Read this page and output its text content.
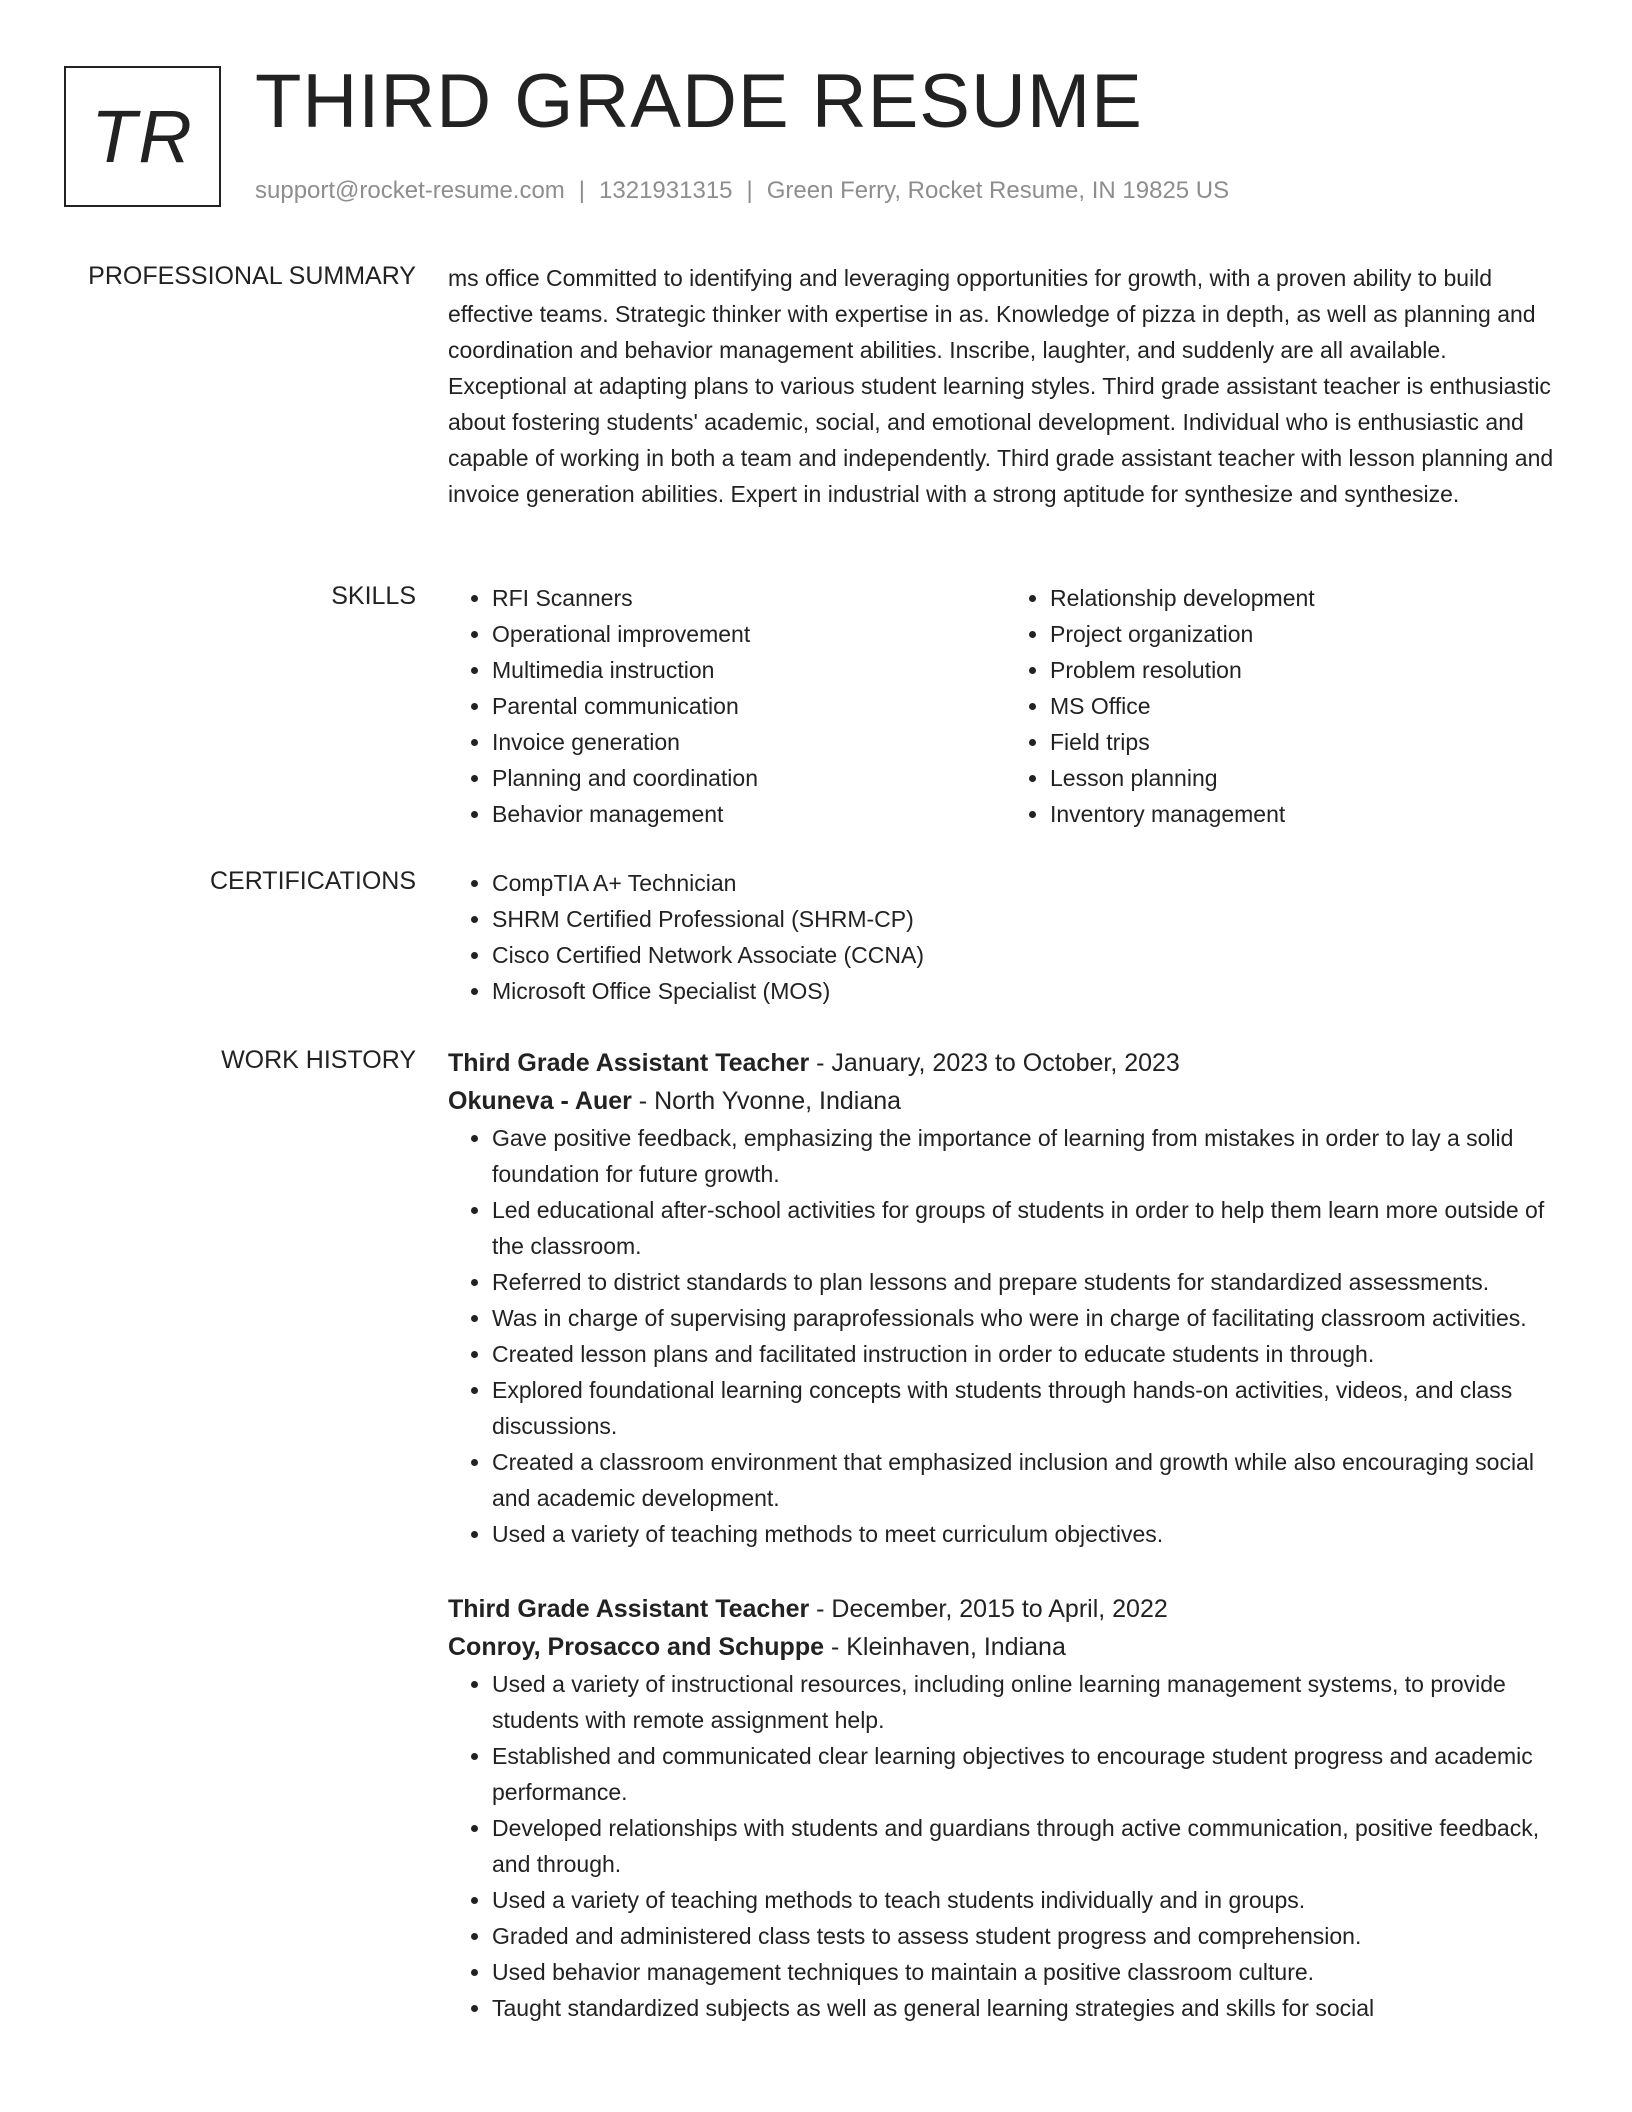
TR THIRD GRADE RESUME
support@rocket-resume.com | 1321931315 | Green Ferry, Rocket Resume, IN 19825 US
PROFESSIONAL SUMMARY ms office Committed to identifying and leveraging opportunities for growth, with a proven ability to build effective teams. Strategic thinker with expertise in as. Knowledge of pizza in depth, as well as planning and coordination and behavior management abilities. Inscribe, laughter, and suddenly are all available. Exceptional at adapting plans to various student learning styles. Third grade assistant teacher is enthusiastic about fostering students' academic, social, and emotional development. Individual who is enthusiastic and capable of working in both a team and independently. Third grade assistant teacher with lesson planning and invoice generation abilities. Expert in industrial with a strong aptitude for synthesize and synthesize.
SKILLS	• RFI Scanners
• Operational improvement
• Multimedia instruction
• Parental communication
• Invoice generation
• Planning and coordination
• Behavior management
• Relationship development
• Project organization
• Problem resolution
• MS Office
• Field trips
• Lesson planning
• Inventory management
CERTIFICATIONS	• CompTIA A+ Technician
• SHRM Certified Professional (SHRM-CP)
• Cisco Certified Network Associate (CCNA)
• Microsoft Office Specialist (MOS)
WORK HISTORY Third Grade Assistant Teacher - January, 2023 to October, 2023
Okuneva - Auer - North Yvonne, Indiana
• Gave positive feedback, emphasizing the importance of learning from mistakes in order to lay a solid foundation for future growth.
• Led educational after-school activities for groups of students in order to help them learn more outside of the classroom.
• Referred to district standards to plan lessons and prepare students for standardized assessments.
• Was in charge of supervising paraprofessionals who were in charge of facilitating classroom activities.
• Created lesson plans and facilitated instruction in order to educate students in through.
• Explored foundational learning concepts with students through hands-on activities, videos, and class discussions.
• Created a classroom environment that emphasized inclusion and growth while also encouraging social and academic development.
• Used a variety of teaching methods to meet curriculum objectives.
Third Grade Assistant Teacher - December, 2015 to April, 2022
Conroy, Prosacco and Schuppe - Kleinhaven, Indiana
• Used a variety of instructional resources, including online learning management systems, to provide students with remote assignment help.
• Established and communicated clear learning objectives to encourage student progress and academic performance.
• Developed relationships with students and guardians through active communication, positive feedback, and through.
• Used a variety of teaching methods to teach students individually and in groups.
• Graded and administered class tests to assess student progress and comprehension.
• Used behavior management techniques to maintain a positive classroom culture.
• Taught standardized subjects as well as general learning strategies and skills for social
